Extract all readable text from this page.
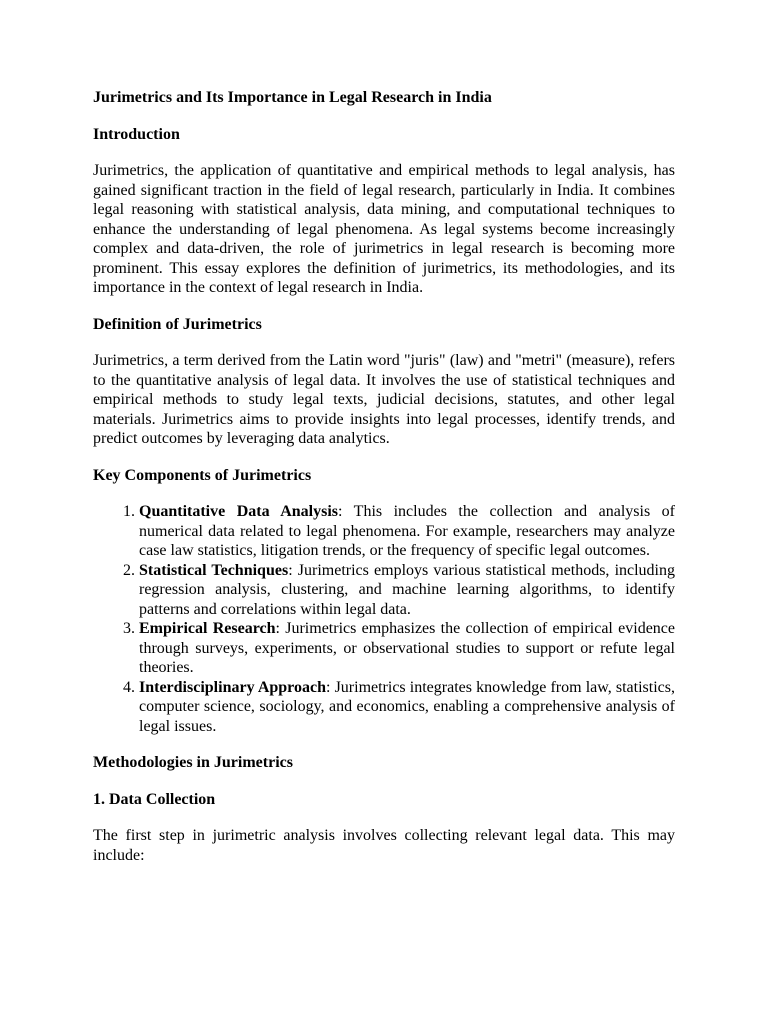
Jurimetrics and Its Importance in Legal Research in India

Introduction

Jurimetrics, the application of quantitative and empirical methods to legal analysis, has gained significant traction in the field of legal research, particularly in India. It combines legal reasoning with statistical analysis, data mining, and computational techniques to enhance the understanding of legal phenomena. As legal systems become increasingly complex and data-driven, the role of jurimetrics in legal research is becoming more prominent. This essay explores the definition of jurimetrics, its methodologies, and its importance in the context of legal research in India.

Definition of Jurimetrics

Jurimetrics, a term derived from the Latin word "juris" (law) and "metri" (measure), refers to the quantitative analysis of legal data. It involves the use of statistical techniques and empirical methods to study legal texts, judicial decisions, statutes, and other legal materials. Jurimetrics aims to provide insights into legal processes, identify trends, and predict outcomes by leveraging data analytics.

Key Components of Jurimetrics

1. Quantitative Data Analysis: This includes the collection and analysis of numerical data related to legal phenomena. For example, researchers may analyze case law statistics, litigation trends, or the frequency of specific legal outcomes.
2. Statistical Techniques: Jurimetrics employs various statistical methods, including regression analysis, clustering, and machine learning algorithms, to identify patterns and correlations within legal data.
3. Empirical Research: Jurimetrics emphasizes the collection of empirical evidence through surveys, experiments, or observational studies to support or refute legal theories.
4. Interdisciplinary Approach: Jurimetrics integrates knowledge from law, statistics, computer science, sociology, and economics, enabling a comprehensive analysis of legal issues.

Methodologies in Jurimetrics

1. Data Collection

The first step in jurimetric analysis involves collecting relevant legal data. This may include:
